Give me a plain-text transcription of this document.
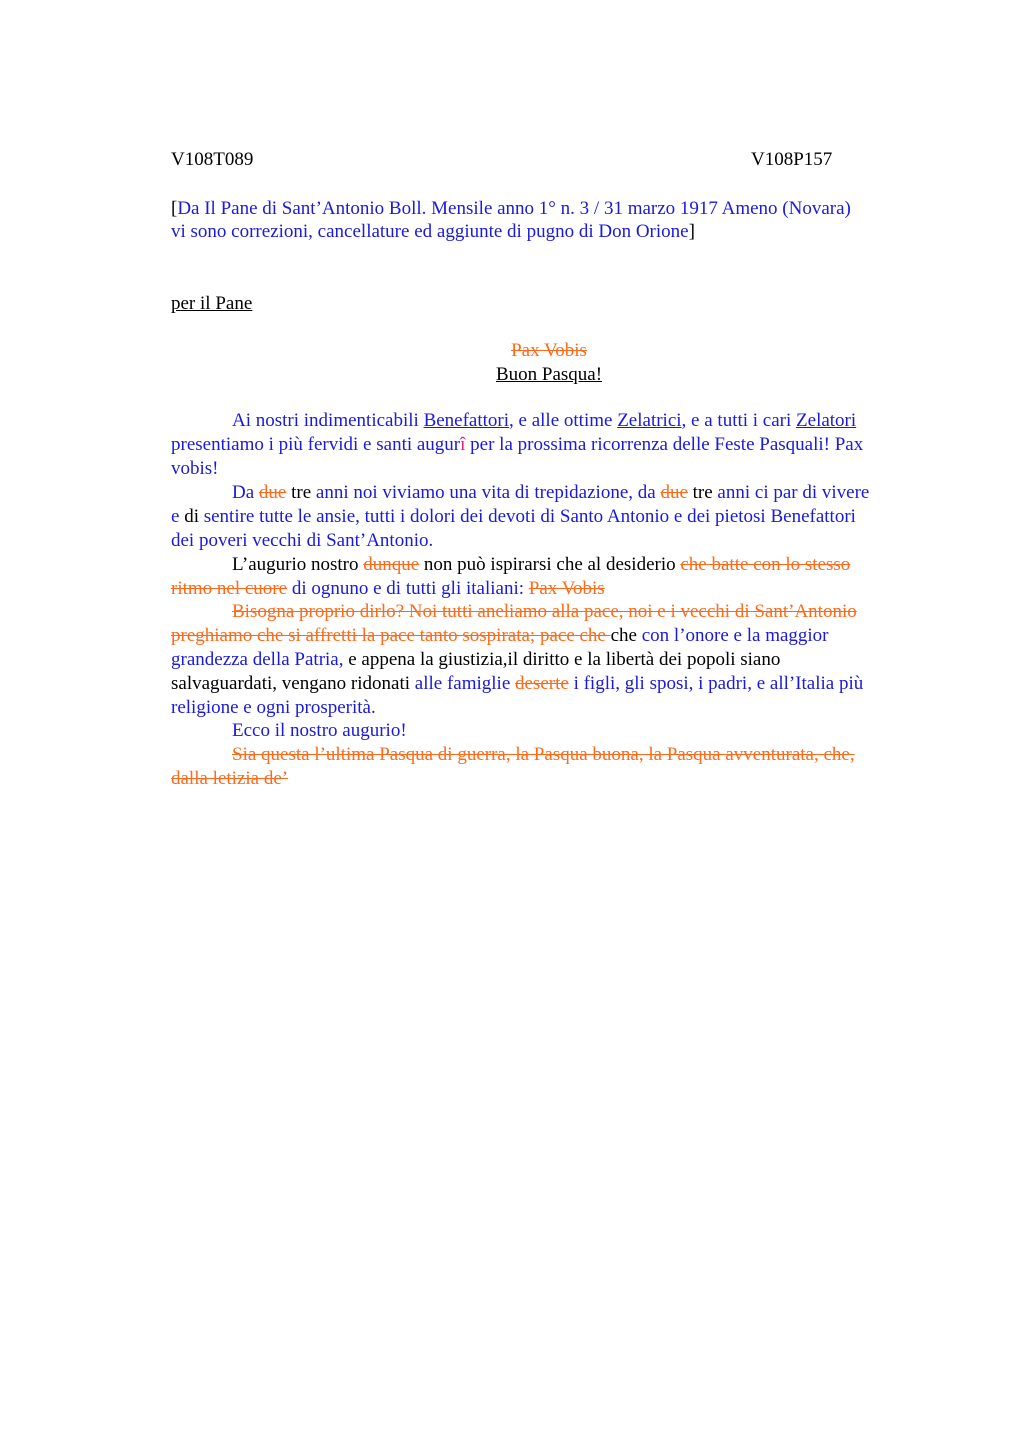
V108T089	V108P157
[Da Il Pane di Sant’Antonio Boll. Mensile anno 1° n. 3 / 31 marzo 1917 Ameno (Novara)
vi sono correzioni, cancellature ed aggiunte di pugno di Don Orione]
per il Pane
Pax Vobis
Buon Pasqua!
Ai nostri indimenticabili Benefattori, e alle ottime Zelatrici, e a tutti i cari Zelatori
presentiamo i più fervidi e santi augurî per la prossima ricorrenza delle Feste Pasquali! Pax
vobis!
Da due tre anni noi viviamo una vita di trepidazione, da due tre anni ci par di vivere
e di sentire tutte le ansie, tutti i dolori dei devoti di Santo Antonio e dei pietosi Benefattori
dei poveri vecchi di Sant’Antonio.
L’augurio nostro dunque non può ispirarsi che al desiderio che batte con lo stesso
ritmo nel cuore di ognuno e di tutti gli italiani: Pax Vobis
Bisogna proprio dirlo? Noi tutti aneliamo alla pace, noi e i vecchi di Sant’Antonio
preghiamo che si affretti la pace tanto sospirata; pace che che con l’onore e la maggior
grandezza della Patria, e appena la giustizia,il diritto e la libertà dei popoli siano
salvaguardati, vengano ridonati alle famiglie deserte i figli, gli sposi, i padri, e all’Italia più
religione e ogni prosperità.
Ecco il nostro augurio!
Sia questa l’ultima Pasqua di guerra, la Pasqua buona, la Pasqua avventurata, che,
dalla letizia de’
